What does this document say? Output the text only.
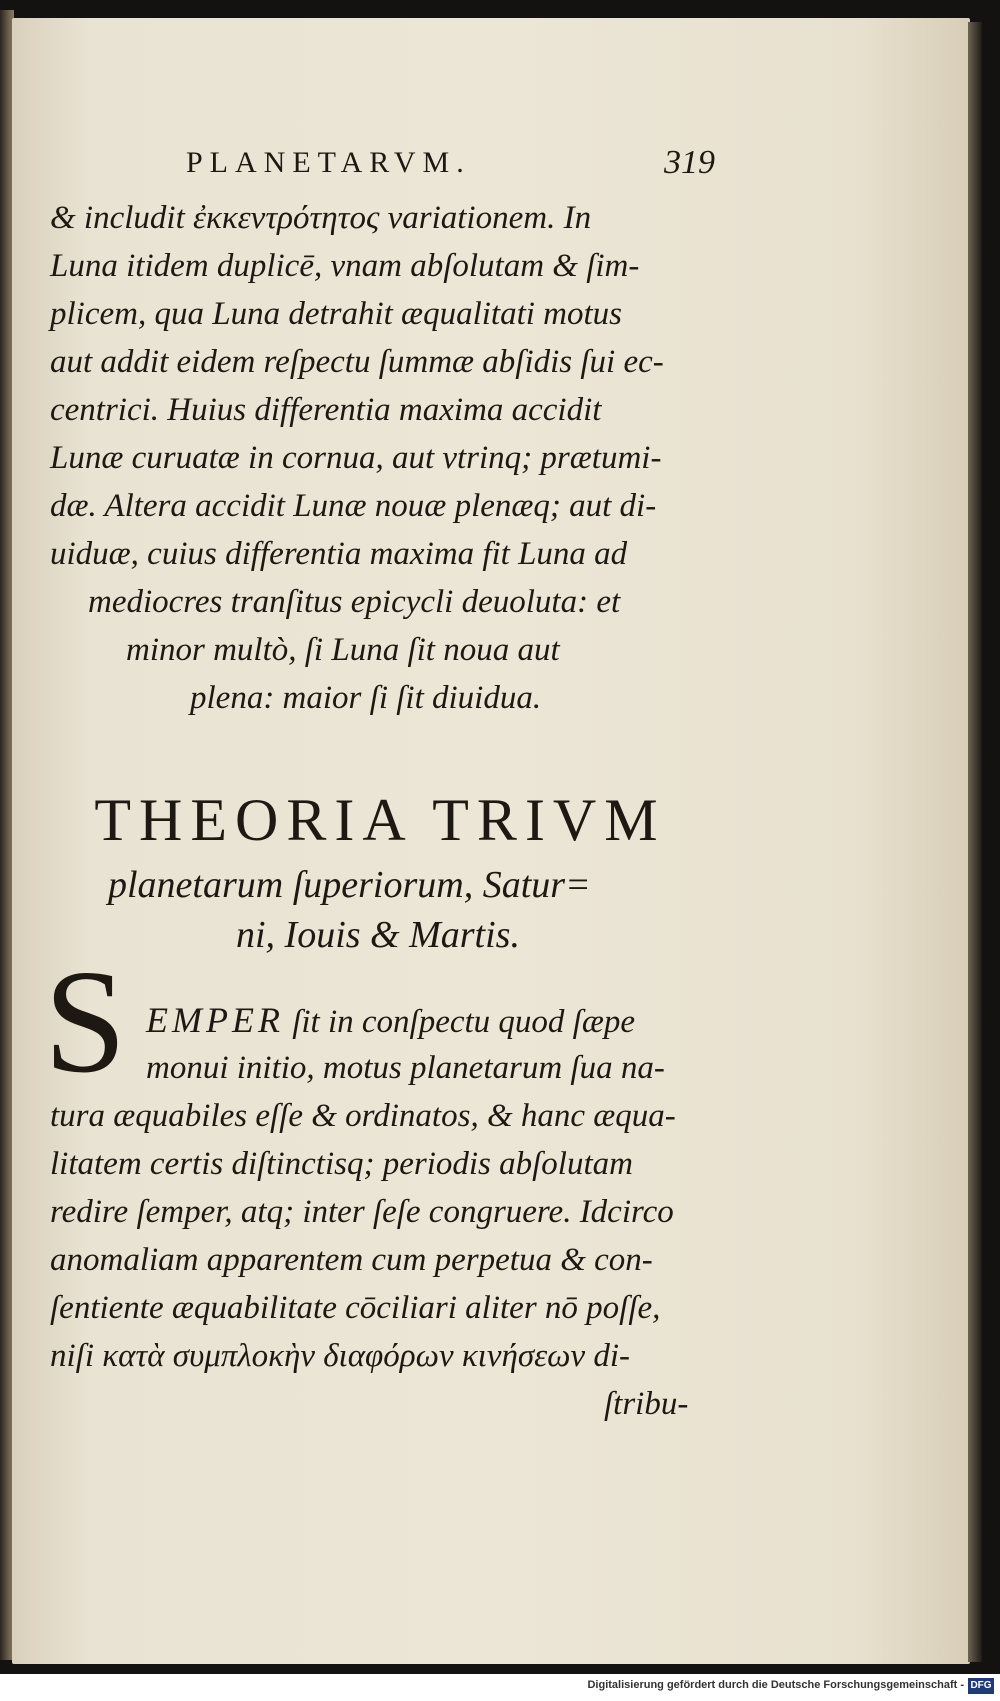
PLANETARVM.	319
& includit ἐκκεντρότητος variationem. In
Luna itidem duplicē, vnam abſolutam & ſim-
plicem, qua Luna detrahit æqualitati motus
aut addit eidem reſpectu ſummæ abſidis ſui ec-
centrici. Huius differentia maxima accidit
Lunæ curuatæ in cornua, aut vtrinq; prætumi-
dæ. Altera accidit Lunæ nouæ plenæq; aut di-
uiduæ, cuius differentia maxima fit Luna ad
mediocres tranſitus epicycli deuoluta: et
minor multò, ſi Luna ſit noua aut
plena: maior ſi ſit diuidua.
THEORIA TRIVM
planetarum ſuperiorum, Satur=
ni, Iouis & Martis.
S EMPER ſit in conſpectu quod ſæpe
monui initio, motus planetarum ſua na-
tura æquabiles eſſe & ordinatos, & hanc æqua-
litatem certis diſtinctisq; periodis abſolutam
redire ſemper, atq; inter ſeſe congruere. Idcirco
anomaliam apparentem cum perpetua & con-
ſentiente æquabilitate cōciliari aliter nō poſſe,
niſi κατὰ συμπλοκὴν διαφόρων κινήσεων di-
ſtribu-
Digitalisierung gefördert durch die Deutsche Forschungsgemeinschaft - DFG
